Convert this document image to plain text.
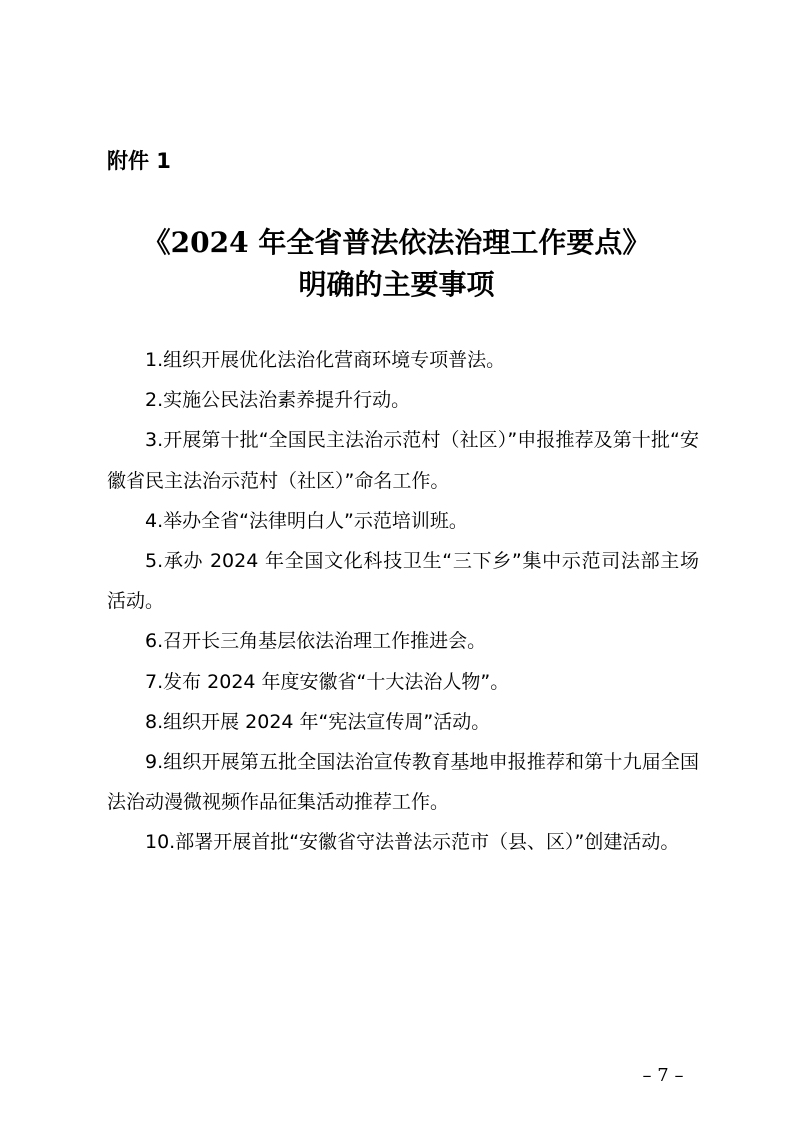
附件 1
《2024 年全省普法依法治理工作要点》
明确的主要事项
1.组织开展优化法治化营商环境专项普法。
2.实施公民法治素养提升行动。
3.开展第十批“全国民主法治示范村（社区）”申报推荐及第十批“安徽省民主法治示范村（社区）”命名工作。
4.举办全省“法律明白人”示范培训班。
5.承办 2024 年全国文化科技卫生“三下乡”集中示范司法部主场活动。
6.召开长三角基层依法治理工作推进会。
7.发布 2024 年度安徽省“十大法治人物”。
8.组织开展 2024 年“宪法宣传周”活动。
9.组织开展第五批全国法治宣传教育基地申报推荐和第十九届全国法治动漫微视频作品征集活动推荐工作。
10.部署开展首批“安徽省守法普法示范市（县、区）”创建活动。
– 7 –
